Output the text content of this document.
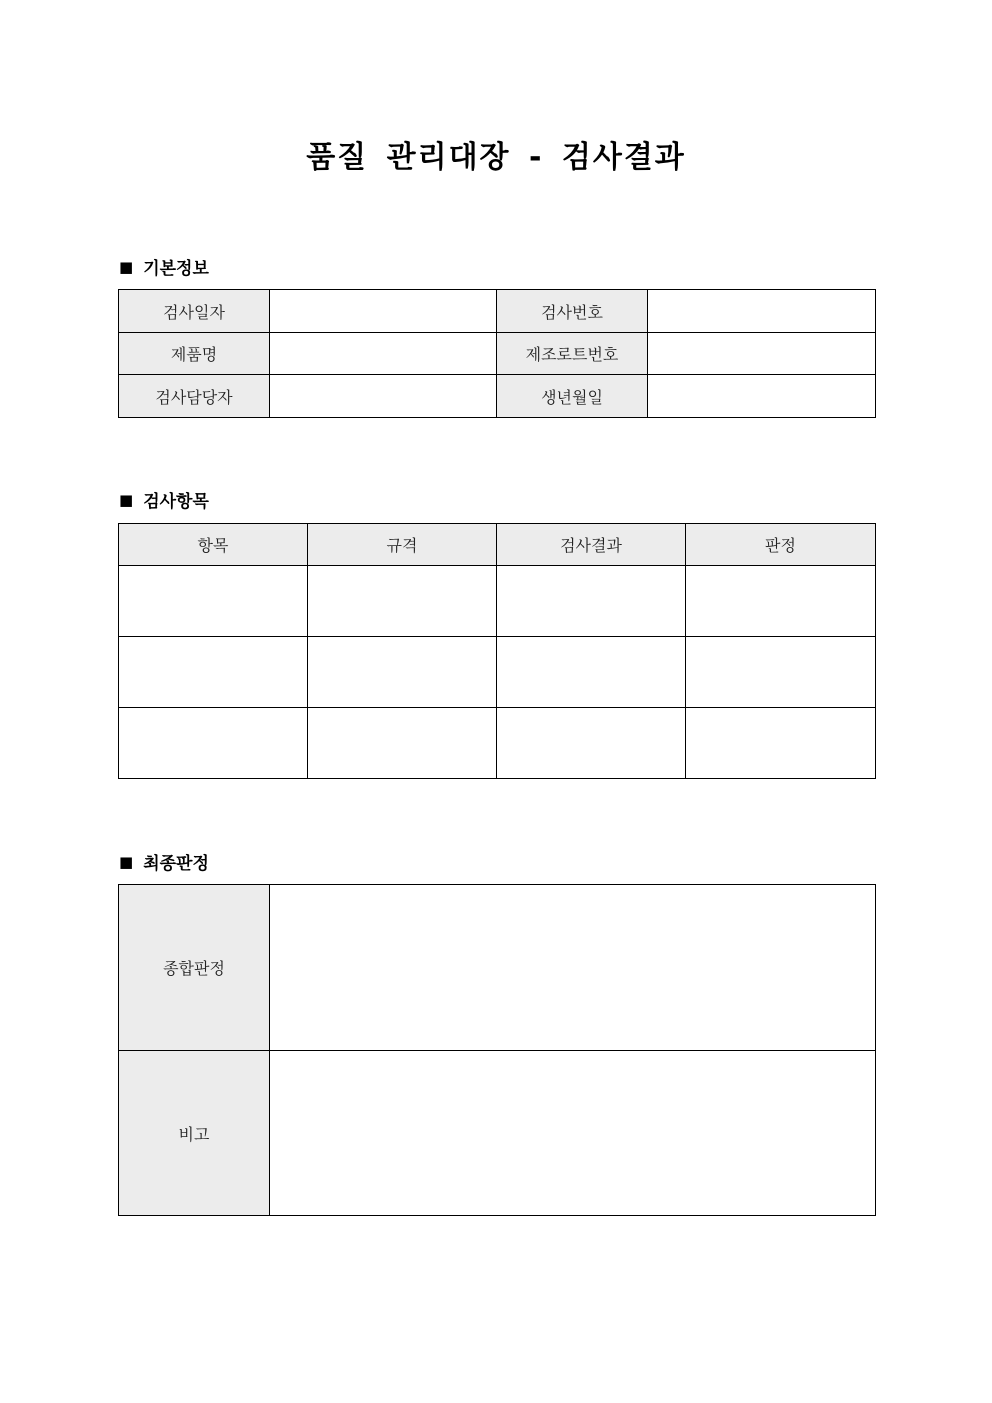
품질 관리대장 - 검사결과
■ 기본정보
검사일자		검사번호	
제품명		제조로트번호	
검사담당자		생년월일	
■ 검사항목
항목	규격	검사결과	판정

■ 최종판정
종합판정	
비고	
